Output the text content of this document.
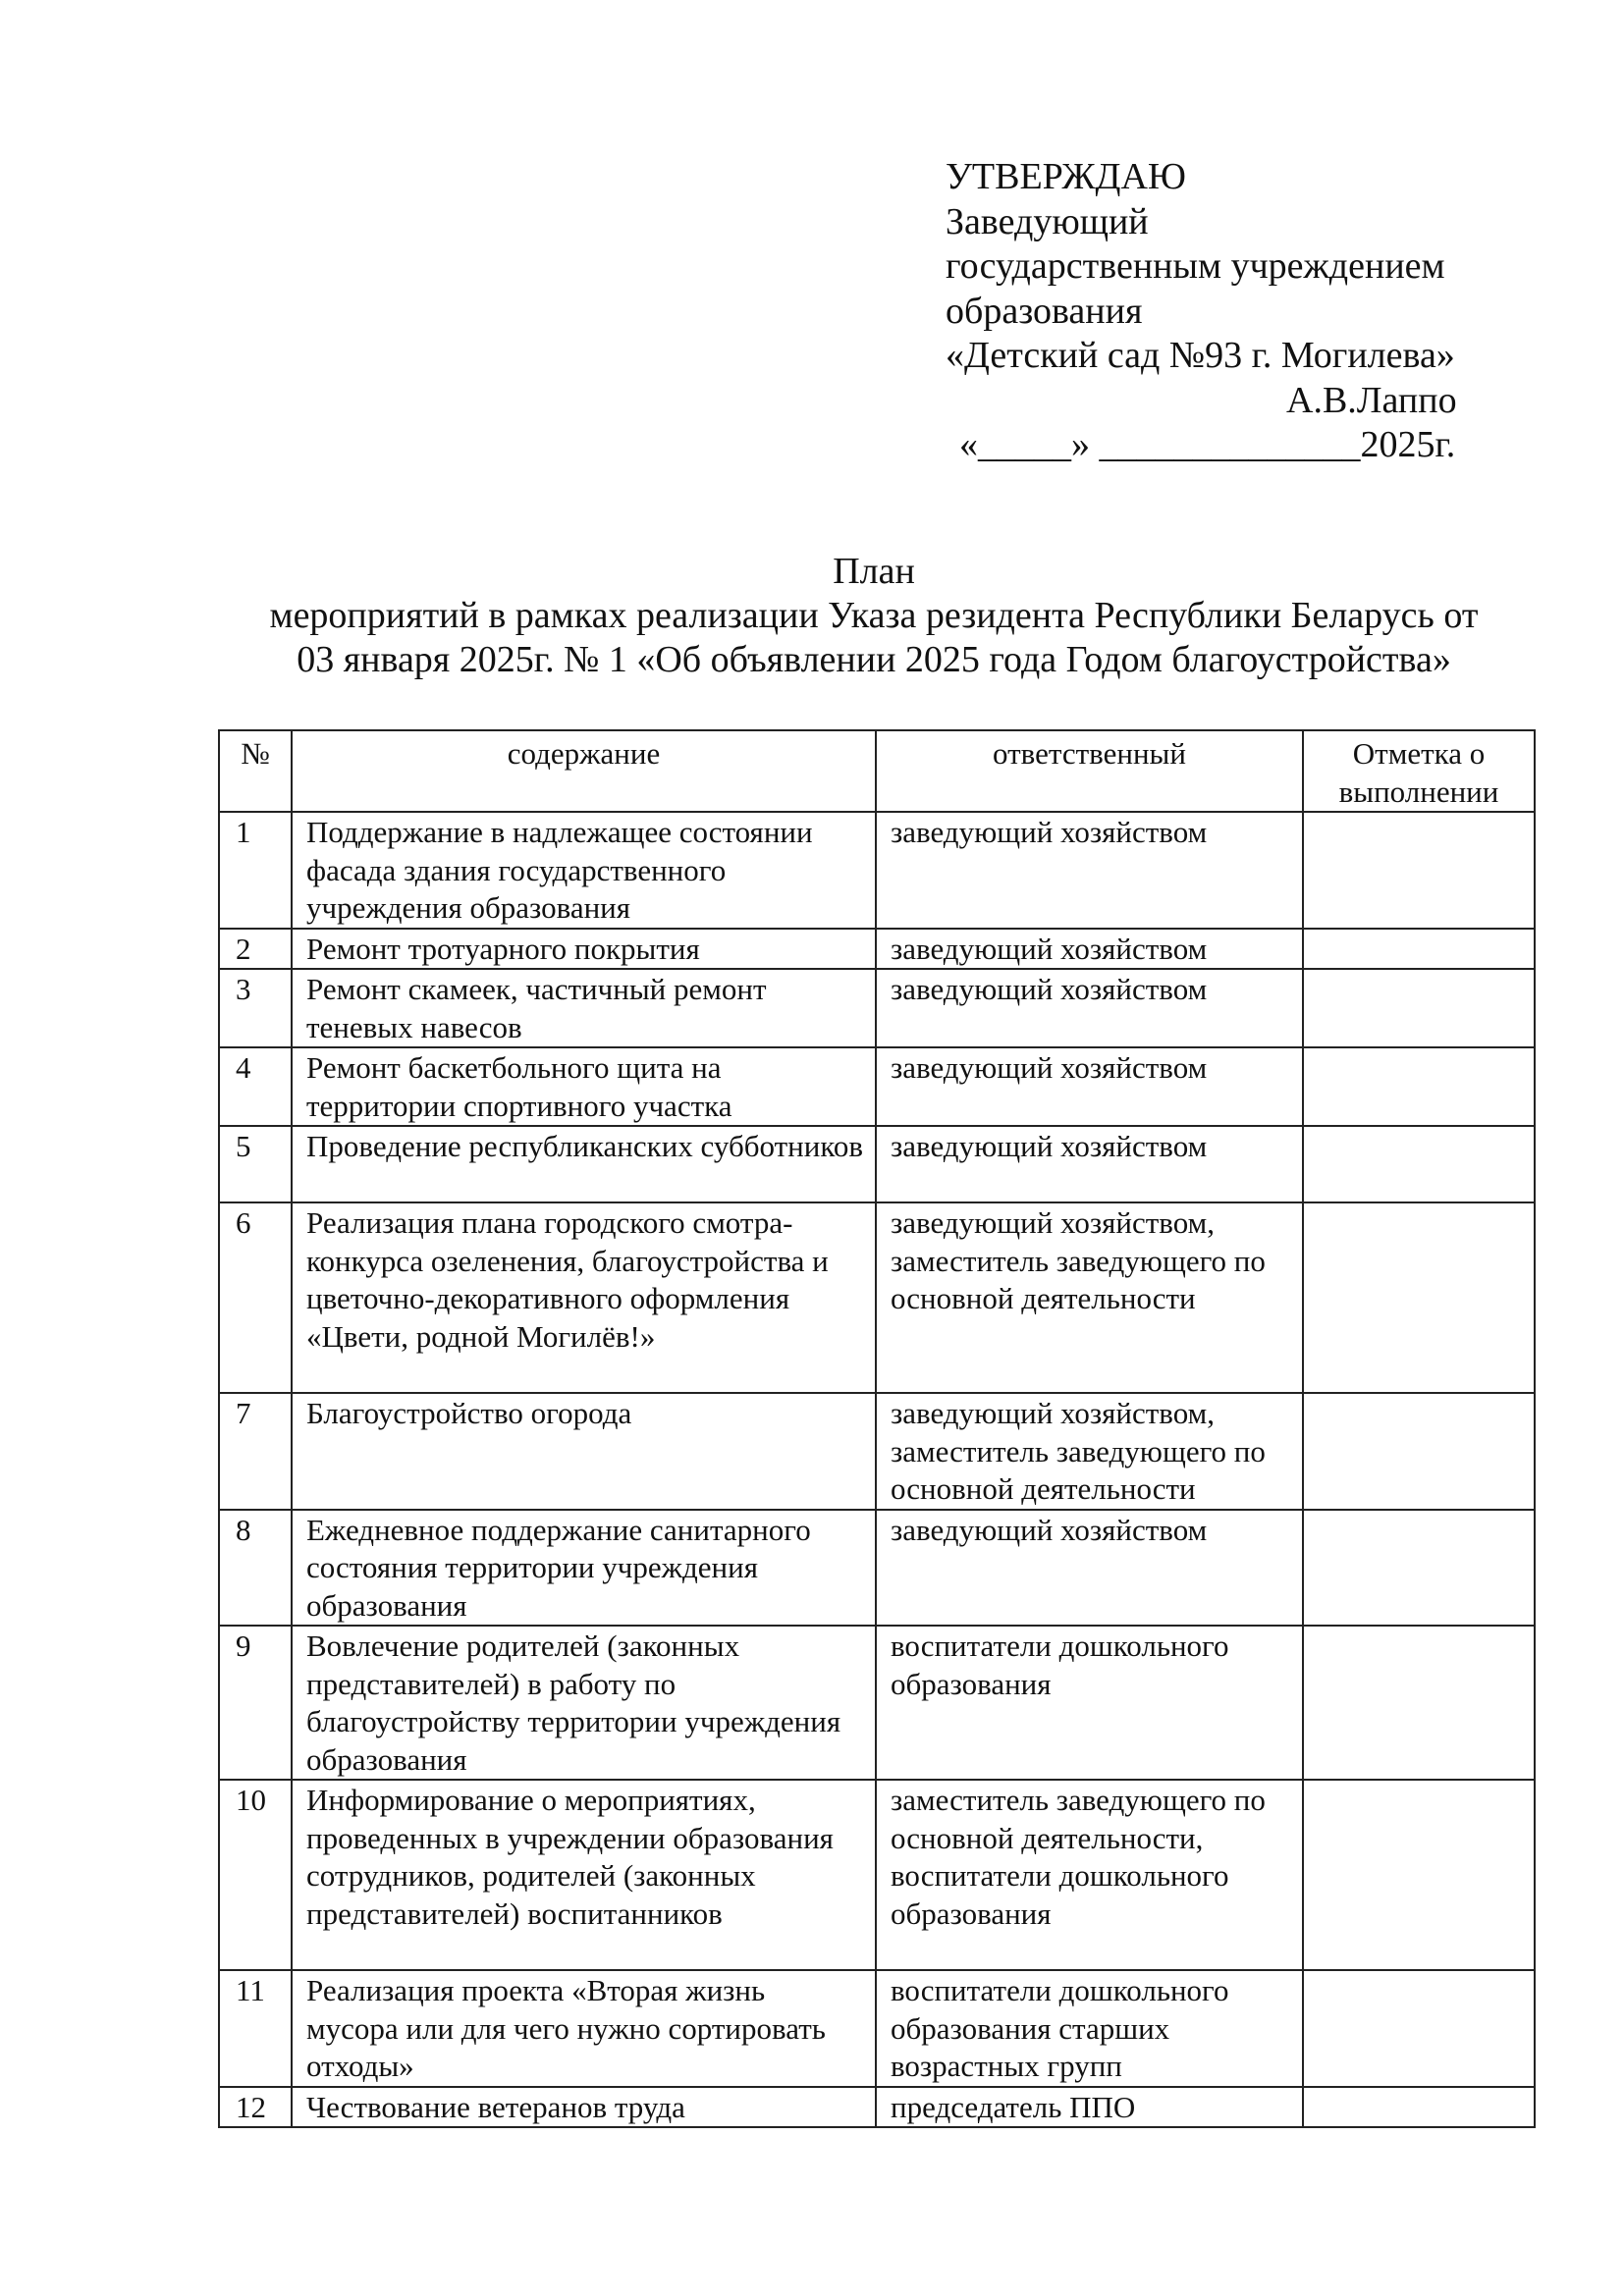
УТВЕРЖДАЮ
Заведующий
государственным учреждением
образования
«Детский сад №93 г. Могилева»
А.В.Лаппо
«_____» ______________2025г.
План
мероприятий в рамках реализации Указа резидента Республики Беларусь от
03 января 2025г. № 1 «Об объявлении 2025 года Годом благоустройства»
№	содержание	ответственный	Отметка о выполнении
1	Поддержание в надлежащее состоянии фасада здания государственного учреждения образования	заведующий хозяйством	
2	Ремонт тротуарного покрытия	заведующий хозяйством	
3	Ремонт скамеек, частичный ремонт теневых навесов	заведующий хозяйством	
4	Ремонт баскетбольного щита на территории спортивного участка	заведующий хозяйством	
5	Проведение республиканских субботников	заведующий хозяйством	
6	Реализация плана городского смотра-конкурса озеленения, благоустройства и цветочно-декоративного оформления «Цвети, родной Могилёв!»	заведующий хозяйством, заместитель заведующего по основной деятельности	
7	Благоустройство огорода	заведующий хозяйством, заместитель заведующего по основной деятельности	
8	Ежедневное поддержание санитарного состояния территории учреждения образования	заведующий хозяйством	
9	Вовлечение родителей (законных представителей) в работу по благоустройству территории учреждения образования	воспитатели дошкольного образования	
10	Информирование о мероприятиях, проведенных в учреждении образования сотрудников, родителей (законных представителей) воспитанников	заместитель заведующего по основной деятельности, воспитатели дошкольного образования	
11	Реализация проекта «Вторая жизнь мусора или для чего нужно сортировать отходы»	воспитатели дошкольного образования старших возрастных групп	
12	Чествование ветеранов труда	председатель ППО	
